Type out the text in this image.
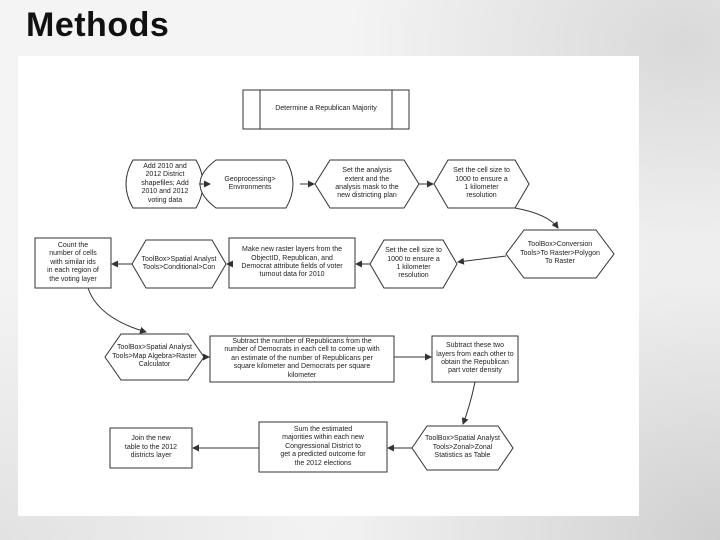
Methods
Determine a Republican Majority
Add 2010 and
2012 District
shapefiles; Add
2010 and 2012
voting data
Geoprocessing>
Environments
Set the analysis
extent and the
analysis mask to the
new districting plan
Set the cell size to
1000 to ensure a
1 kilometer
resolution
ToolBox>Conversion
Tools>To Raster>Polygon
To Raster
Set the cell size to
1000 to ensure a
1 kilometer
resolution
Make new raster layers from the
ObjectID, Republican, and
Democrat attribute fields of voter
turnout data for 2010
ToolBox>Spatial Analyst
Tools>Conditional>Con
Count the
number of cells
with similar ids
in each region of
the voting layer
ToolBox>Spatial Analyst
Tools>Map Algebra>Raster
Calculator
Subtract the number of Republicans from the
number of Democrats in each cell to come up with
an estimate of the number of Republicans per
square kilometer and Democrats per square
kilometer
Subtract these two
layers from each other to
obtain the Republican
part voter density
ToolBox>Spatial Analyst
Tools>Zonal>Zonal
Statistics as Table
Sum the estimated
majorities within each new
Congressional District to
get a predicted outcome for
the 2012 elections
Join the new
table to the 2012
districts layer
